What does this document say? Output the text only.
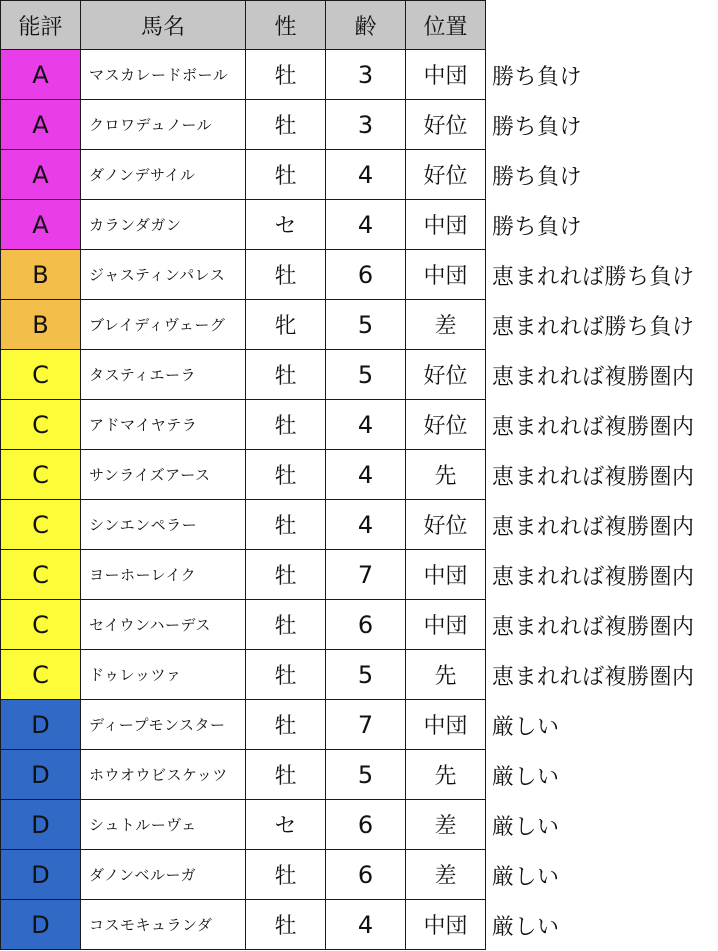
能評	馬名	性	齢	位置
A	マスカレードボール	牡	3	中団	勝ち負け
A	クロワデュノール	牡	3	好位	勝ち負け
A	ダノンデサイル	牡	4	好位	勝ち負け
A	カランダガン	セ	4	中団	勝ち負け
B	ジャスティンパレス	牡	6	中団	恵まれれば勝ち負け
B	ブレイディヴェーグ	牝	5	差	恵まれれば勝ち負け
C	タスティエーラ	牡	5	好位	恵まれれば複勝圏内
C	アドマイヤテラ	牡	4	好位	恵まれれば複勝圏内
C	サンライズアース	牡	4	先	恵まれれば複勝圏内
C	シンエンペラー	牡	4	好位	恵まれれば複勝圏内
C	ヨーホーレイク	牡	7	中団	恵まれれば複勝圏内
C	セイウンハーデス	牡	6	中団	恵まれれば複勝圏内
C	ドゥレッツァ	牡	5	先	恵まれれば複勝圏内
D	ディープモンスター	牡	7	中団	厳しい
D	ホウオウビスケッツ	牡	5	先	厳しい
D	シュトルーヴェ	セ	6	差	厳しい
D	ダノンベルーガ	牡	6	差	厳しい
D	コスモキュランダ	牡	4	中団	厳しい
